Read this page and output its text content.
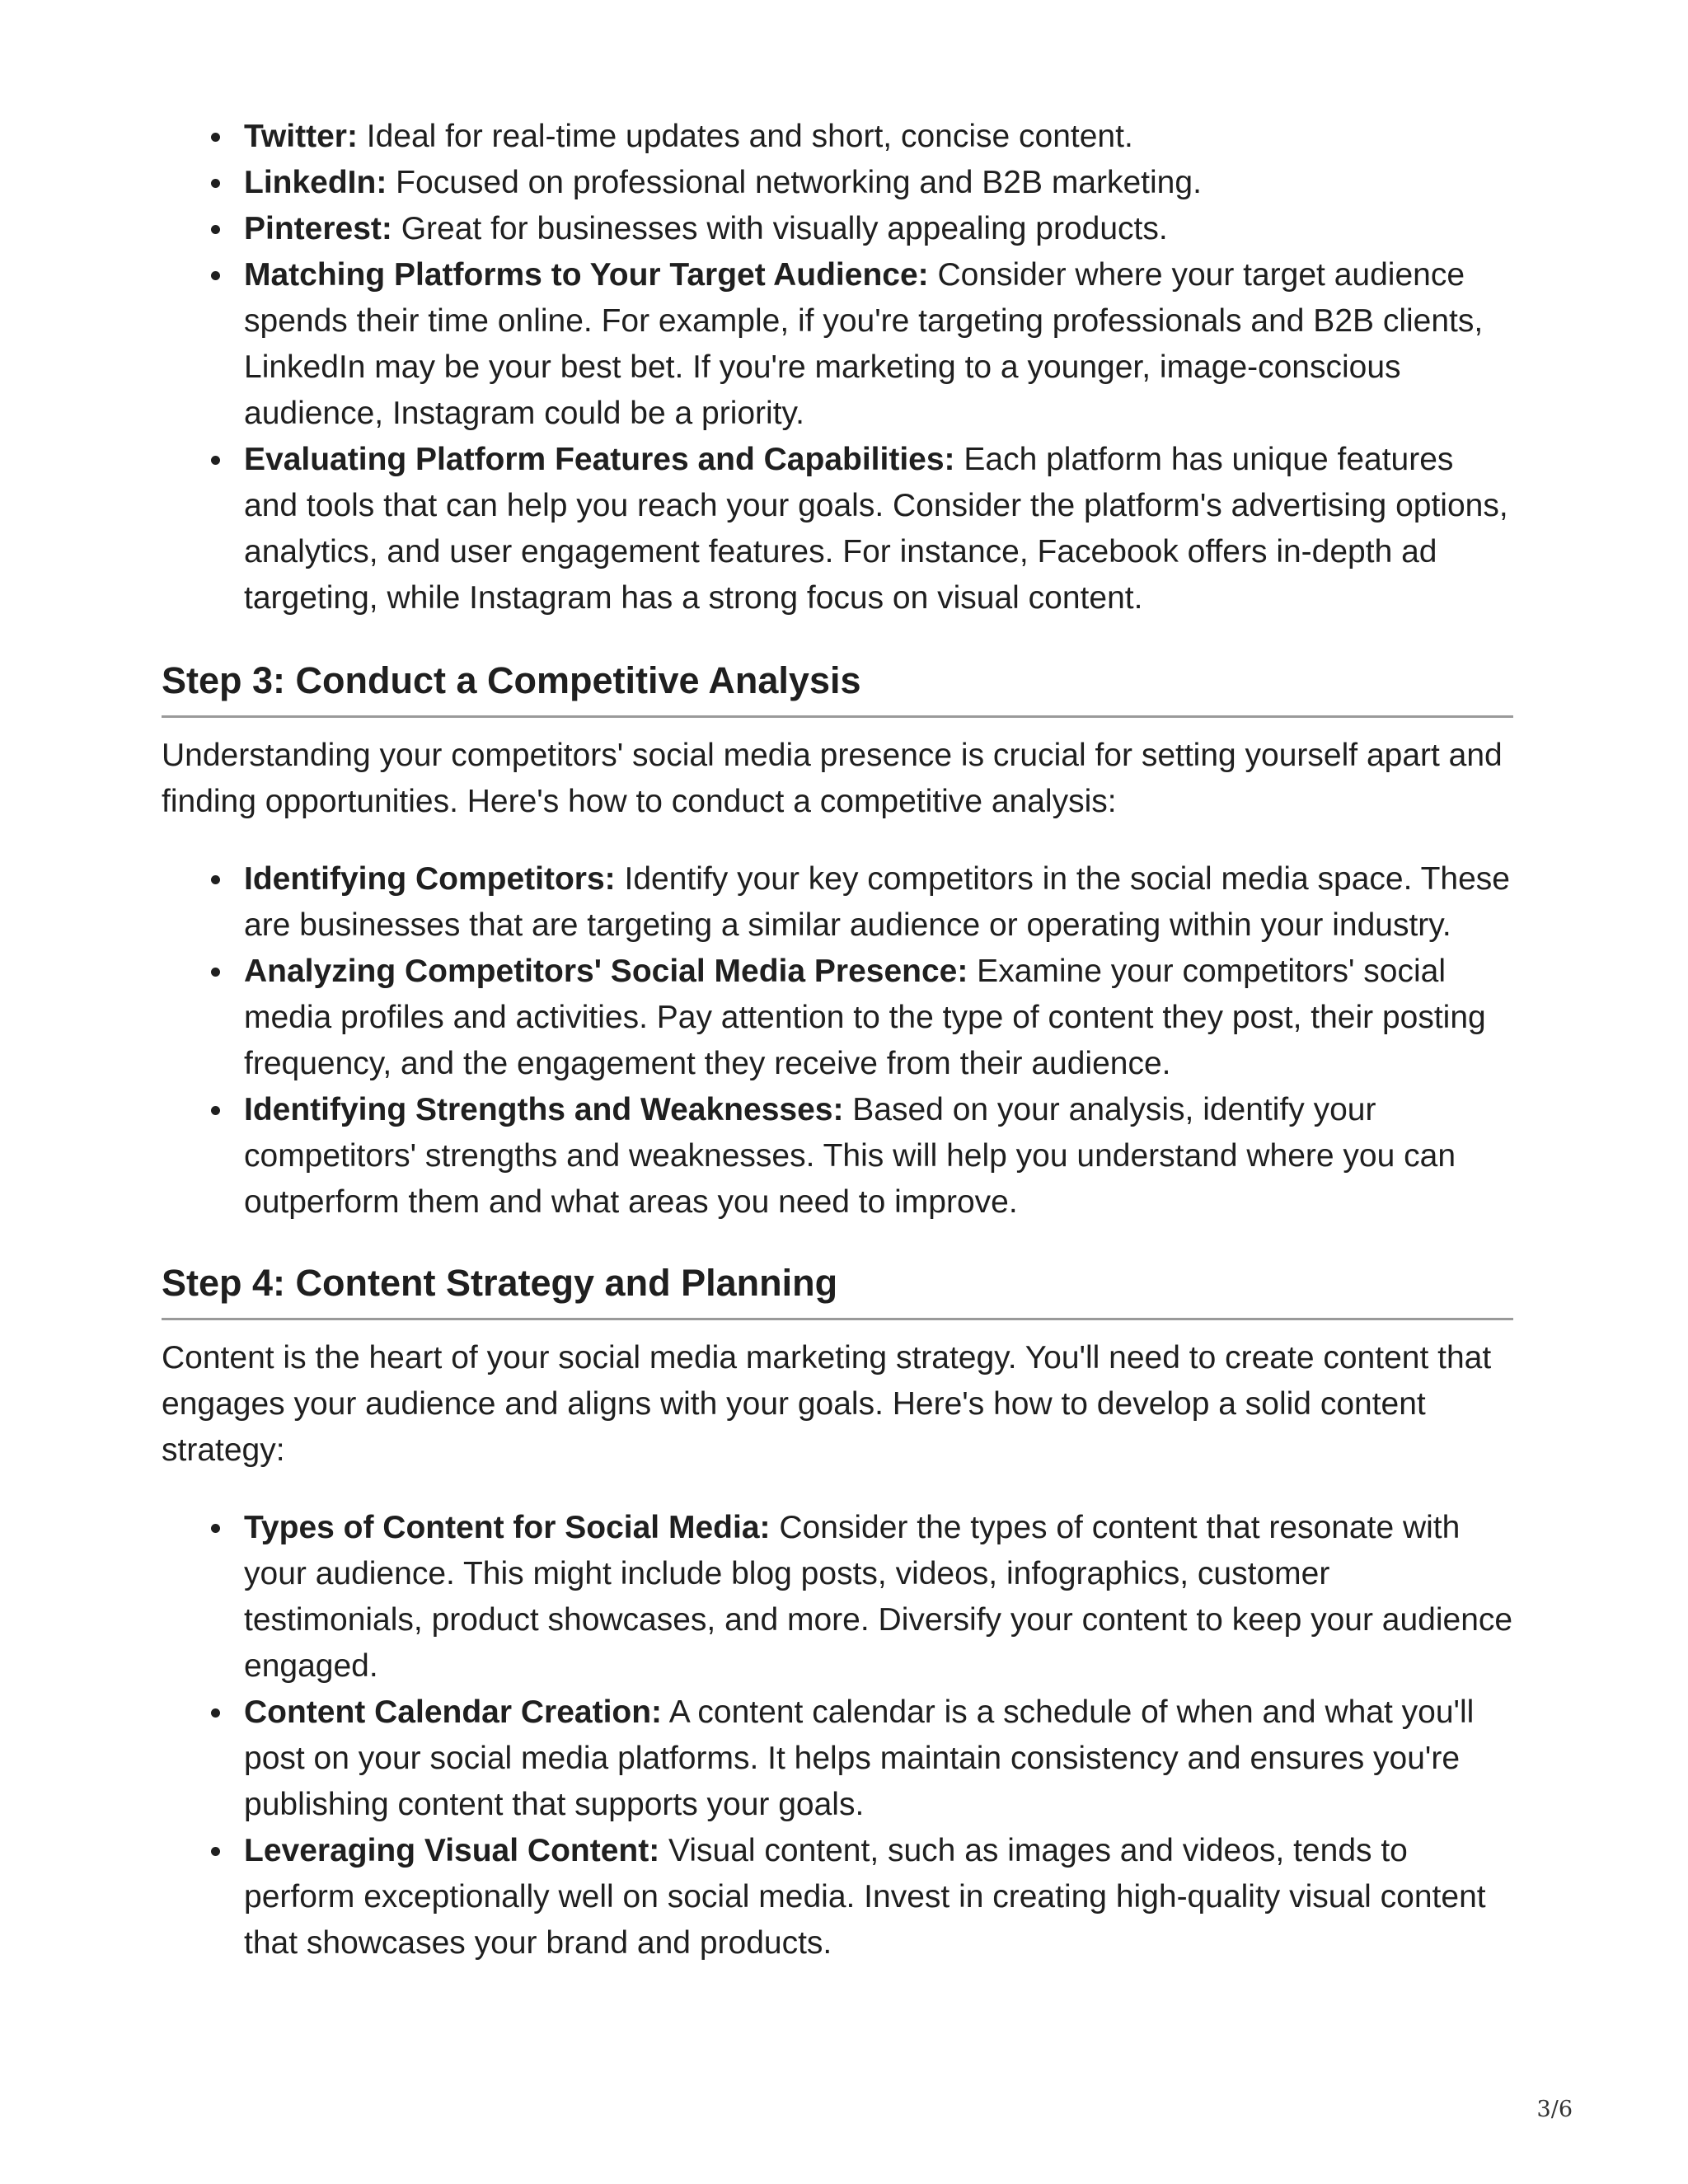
Twitter: Ideal for real-time updates and short, concise content.
LinkedIn: Focused on professional networking and B2B marketing.
Pinterest: Great for businesses with visually appealing products.
Matching Platforms to Your Target Audience: Consider where your target audience spends their time online. For example, if you're targeting professionals and B2B clients, LinkedIn may be your best bet. If you're marketing to a younger, image-conscious audience, Instagram could be a priority.
Evaluating Platform Features and Capabilities: Each platform has unique features and tools that can help you reach your goals. Consider the platform's advertising options, analytics, and user engagement features. For instance, Facebook offers in-depth ad targeting, while Instagram has a strong focus on visual content.
Step 3: Conduct a Competitive Analysis

Understanding your competitors' social media presence is crucial for setting yourself apart and finding opportunities. Here's how to conduct a competitive analysis:

Identifying Competitors: Identify your key competitors in the social media space. These are businesses that are targeting a similar audience or operating within your industry.
Analyzing Competitors' Social Media Presence: Examine your competitors' social media profiles and activities. Pay attention to the type of content they post, their posting frequency, and the engagement they receive from their audience.
Identifying Strengths and Weaknesses: Based on your analysis, identify your competitors' strengths and weaknesses. This will help you understand where you can outperform them and what areas you need to improve.
Step 4: Content Strategy and Planning

Content is the heart of your social media marketing strategy. You'll need to create content that engages your audience and aligns with your goals. Here's how to develop a solid content strategy:

Types of Content for Social Media: Consider the types of content that resonate with your audience. This might include blog posts, videos, infographics, customer testimonials, product showcases, and more. Diversify your content to keep your audience engaged.
Content Calendar Creation: A content calendar is a schedule of when and what you'll post on your social media platforms. It helps maintain consistency and ensures you're publishing content that supports your goals.
Leveraging Visual Content: Visual content, such as images and videos, tends to perform exceptionally well on social media. Invest in creating high-quality visual content that showcases your brand and products.
3/6
